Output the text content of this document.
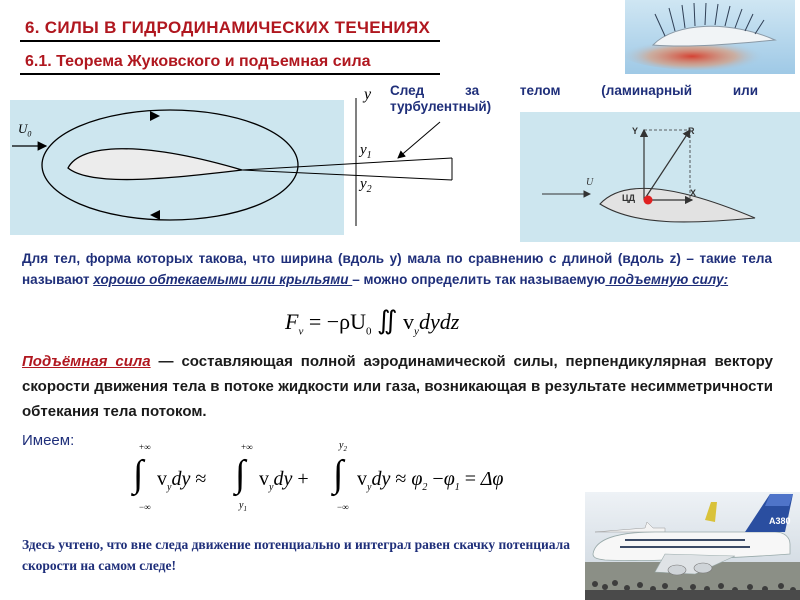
6. СИЛЫ В ГИДРОДИНАМИЧЕСКИХ ТЕЧЕНИЯХ
6.1. Теорема Жуковского и подъемная сила
$U_0$
y
$y_1$
$y_2$
След за телом (ламинарный или
турбулентный)
Y	R
X
ЦД
U
Для тел, форма которых такова, что ширина (вдоль y) мала по сравнению с длиной (вдоль z) – такие тела называют хорошо обтекаемыми или крыльями – можно определить так называемую подъемную силу:
$F_v = -\rho U_0$ ∬ $v_ydydz$
Подъёмная сила — составляющая полной аэродинамической силы, перпендикулярная вектору скорости движения тела в потоке жидкости или газа, возникающая в результате несимметричности обтекания тела потоком.
Имеем:	+∞
∫
−∞
$v_ydy$ ≈
+∞
∫
$y_1$
$v_ydy$ +
$y_2$
∫
−∞
$v_ydy \approx \varphi_2 -\varphi_1 = \Delta\varphi$
Здесь учтено, что вне следа движение потенциально и интеграл равен скачку потенциала скорости на самом следе!
A380
